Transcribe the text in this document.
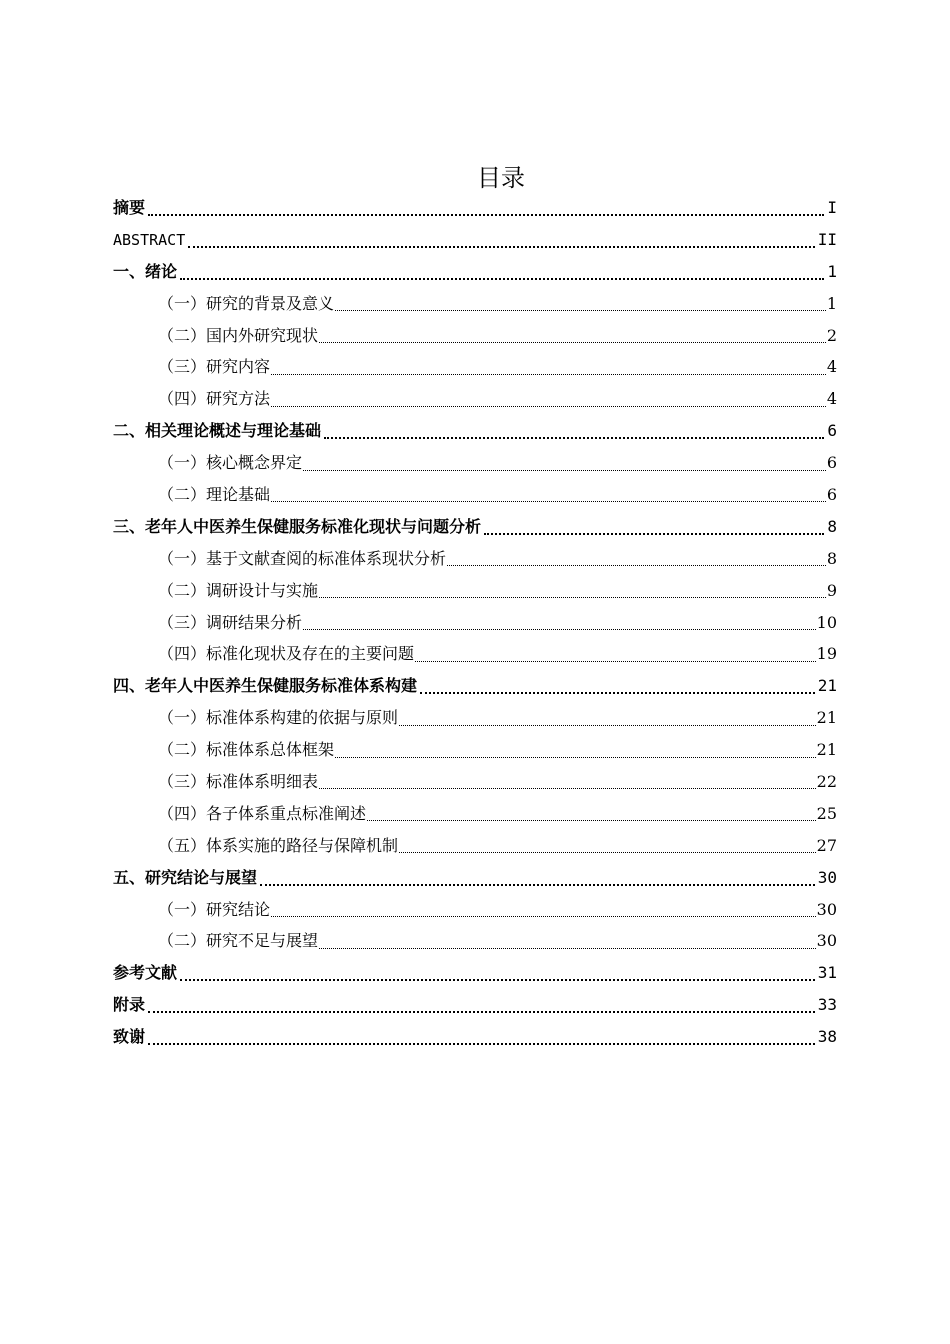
目录
摘要	I
ABSTRACT	II
一、绪论	1
（一）研究的背景及意义	1
（二）国内外研究现状	2
（三）研究内容	4
（四）研究方法	4
二、相关理论概述与理论基础	6
（一）核心概念界定	6
（二）理论基础	6
三、老年人中医养生保健服务标准化现状与问题分析	8
（一）基于文献查阅的标准体系现状分析	8
（二）调研设计与实施	9
（三）调研结果分析	10
（四）标准化现状及存在的主要问题	19
四、老年人中医养生保健服务标准体系构建	21
（一）标准体系构建的依据与原则	21
（二）标准体系总体框架	21
（三）标准体系明细表	22
（四）各子体系重点标准阐述	25
（五）体系实施的路径与保障机制	27
五、研究结论与展望	30
（一）研究结论	30
（二）研究不足与展望	30
参考文献	31
附录	33
致谢	38
